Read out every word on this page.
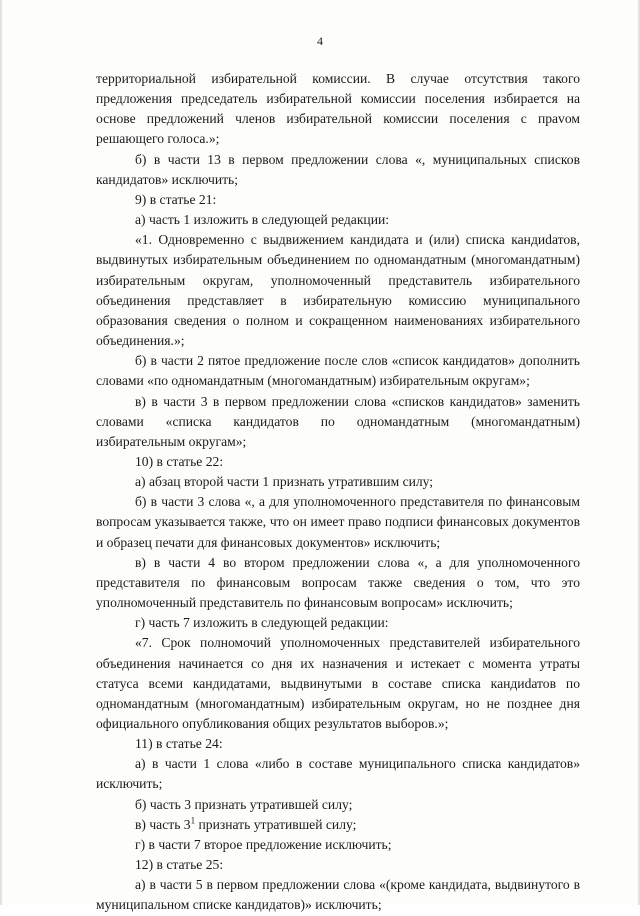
4

территориальной избирательной комиссии. В случае отсутствия такого предложения председатель избирательной комиссии поселения избирается на основе предложений членов избирательной комиссии поселения с праvом решающего голоса.»;

б) в части 13 в первом предложении слова «, муниципальных списков кандидатов» исключить;

9) в статье 21:

а) часть 1 изложить в следующей редакции:

«1. Одновременно с выдвижением кандидата и (или) списка кандиdатов, выдвинутых избирательным объединением по одномандатным (многомандатным) избирательным округам, уполномоченный представитель избирательного объединения представляет в избирательную комиссию муниципального образования сведения о полном и сокращенном наименованиях избирательного объединения.»;

б) в части 2 пятое предложение после слов «список кандидатов» дополнить словами «по одномандатным (многомандатным) избирательным округам»;

в) в части 3 в первом предложении слова «списков кандидатов» заменить словами «списка кандидатов по одномандатным (многомандатным) избирательным округам»;

10) в статье 22:

а) абзац второй части 1 признать утратившим силу;

б) в части 3 слова «, а для уполномоченного представителя по финансовым вопросам указывается также, что он имеет право подписи финансовых документов и образец печати для финансовых документов» исключить;

в) в части 4 во втором предложении слова «, а для уполномоченного представителя по финансовым вопросам также сведения о том, что это уполномоченный представитель по финансовым вопросам» исключить;

г) часть 7 изложить в следующей редакции:

«7. Срок полномочий уполномоченных представителей избирательного объединения начинается со дня их назначения и истекает с момента утраты статуса всеми кандидатами, выдвинутыми в составе списка кандиdатов по одномандатным (многомандатным) избирательным округам, но не позднее дня официального опубликования общих результатов выборов.»;

11) в статье 24:

а) в части 1 слова «либо в составе муниципального списка кандидатов» исключить;

б) часть 3 признать утратившей силу;

в) часть $3^1$ признать утратившей силу;

г) в части 7 второе предложение исключить;

12) в статье 25:

а) в части 5 в первом предложении слова «(кроме кандидата, выдвинутого в муниципальном списке кандидатов)» исключить;
